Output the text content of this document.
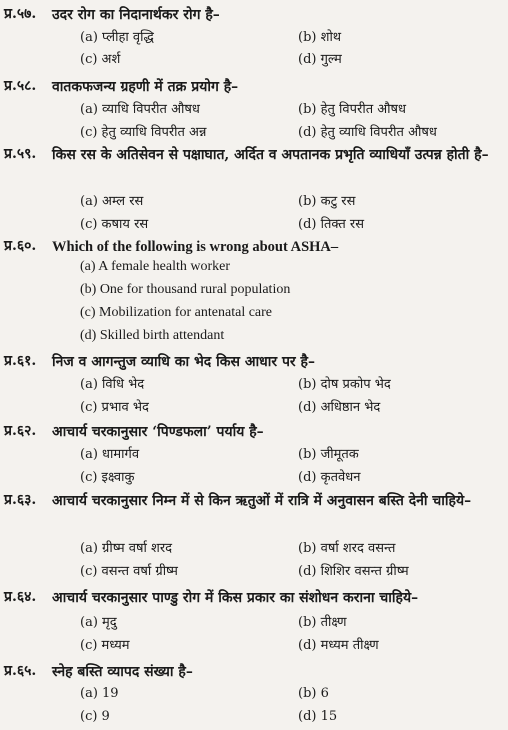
प्र.५७. उदर रोग का निदानार्थकर रोग है–
(a) प्लीहा वृद्धि	(b) शोथ
(c) अर्श	(d) गुल्म
प्र.५८. वातकफजन्य ग्रहणी में तक्र प्रयोग है–
(a) व्याधि विपरीत औषध	(b) हेतु विपरीत औषध
(c) हेतु व्याधि विपरीत अन्न	(d) हेतु व्याधि विपरीत औषध
प्र.५९. किस रस के अतिसेवन से पक्षाघात, अर्दित व अपतानक प्रभृति व्याधियाँ उत्पन्न होती है–
(a) अम्ल रस	(b) कटु रस
(c) कषाय रस	(d) तिक्त रस
प्र.६०. Which of the following is wrong about ASHA–
(a) A female health worker
(b) One for thousand rural population
(c) Mobilization for antenatal care
(d) Skilled birth attendant
प्र.६१. निज व आगन्तुज व्याधि का भेद किस आधार पर है–
(a) विधि भेद	(b) दोष प्रकोप भेद
(c) प्रभाव भेद	(d) अधिष्ठान भेद
प्र.६२. आचार्य चरकानुसार ‘पिण्डफला’ पर्याय है–
(a) धामार्गव	(b) जीमूतक
(c) इक्ष्वाकु	(d) कृतवेधन
प्र.६३. आचार्य चरकानुसार निम्न में से किन ऋतुओं में रात्रि में अनुवासन बस्ति देनी चाहिये–
(a) ग्रीष्म वर्षा शरद	(b) वर्षा शरद वसन्त
(c) वसन्त वर्षा ग्रीष्म	(d) शिशिर वसन्त ग्रीष्म
प्र.६४. आचार्य चरकानुसार पाण्डु रोग में किस प्रकार का संशोधन कराना चाहिये–
(a) मृदु	(b) तीक्ष्ण
(c) मध्यम	(d) मध्यम तीक्ष्ण
प्र.६५. स्नेह बस्ति व्यापद संख्या है–
(a) 19	(b) 6
(c) 9	(d) 15
